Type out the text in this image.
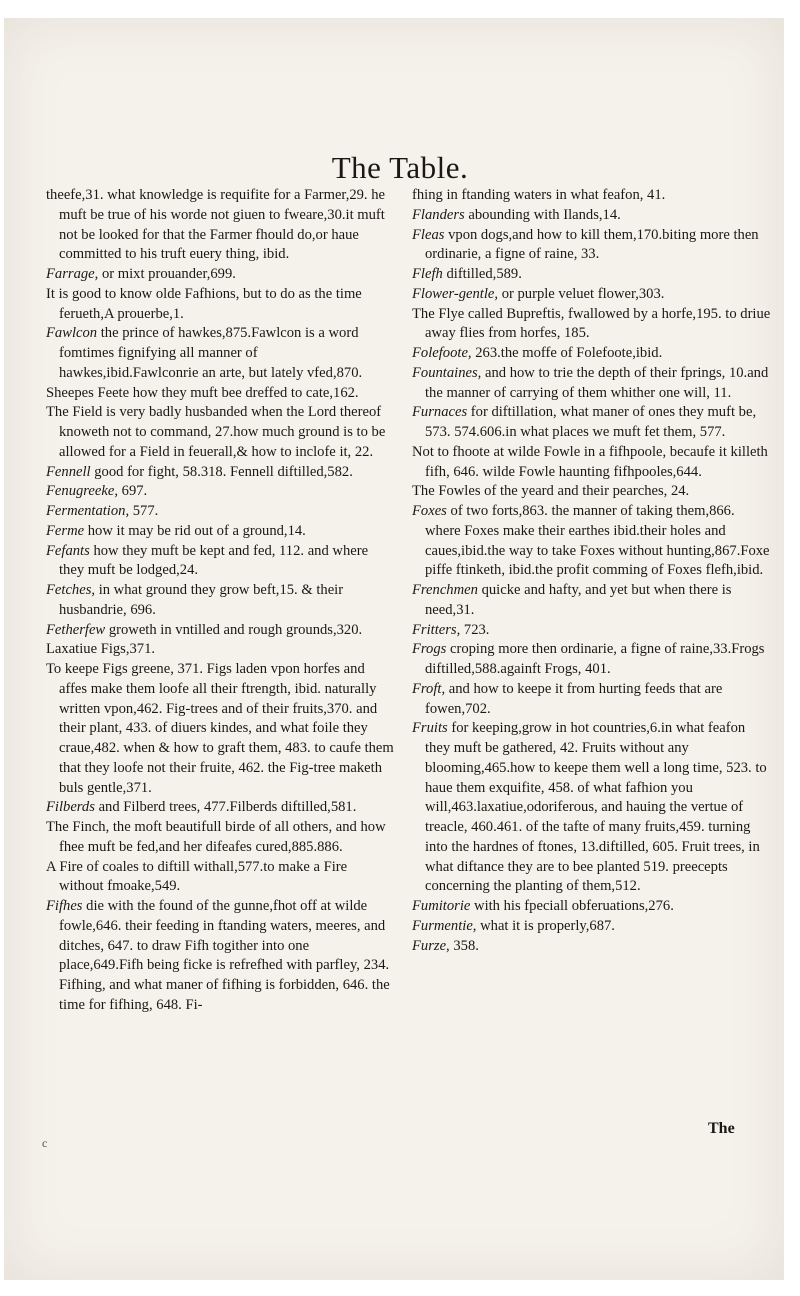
The Table.
theefe,31. what knowledge is requifite for a Farmer,29. he muft be true of his worde not giuen to fweare,30.it muft not be looked for that the Farmer fhould do,or haue committed to his truft euery thing, ibid.
Farrage, or mixt prouander,699.
It is good to know olde Fafhions, but to do as the time ferueth,A prouerbe,1.
Fawlcon the prince of hawkes,875.Fawlcon is a word fomtimes fignifying all manner of hawkes,ibid.Fawlconrie an arte, but lately vfed,870.
Sheepes Feete how they muft bee dreffed to cate,162.
The Field is very badly husbanded when the Lord thereof knoweth not to command, 27.how much ground is to be allowed for a Field in feuerall,& how to inclofe it, 22.
Fennell good for fight, 58.318. Fennell diftilled,582.
Fenugreeke, 697.
Fermentation, 577.
Ferme how it may be rid out of a ground,14.
Fefants how they muft be kept and fed, 112. and where they muft be lodged,24.
Fetches, in what ground they grow beft,15. & their husbandrie, 696.
Fetherfew groweth in vntilled and rough grounds,320.
Laxatiue Figs,371.
To keepe Figs greene, 371. Figs laden vpon horfes and affes make them loofe all their ftrength, ibid. naturally written vpon,462. Fig-trees and of their fruits,370. and their plant, 433. of diuers kindes, and what foile they craue,482. when & how to graft them, 483. to caufe them that they loofe not their fruite, 462. the Fig-tree maketh buls gentle,371.
Filberds and Filberd trees, 477.Filberds diftilled,581.
The Finch, the moft beautifull birde of all others, and how fhee muft be fed,and her difeafes cured,885.886.
A Fire of coales to diftill withall,577.to make a Fire without fmoake,549.
Fifhes die with the found of the gunne,fhot off at wilde fowle,646. their feeding in ftanding waters, meeres, and ditches, 647. to draw Fifh togither into one place,649.Fifh being ficke is refrefhed with parfley, 234. Fifhing, and what maner of fifhing is forbidden, 646. the time for fifhing, 648. Fi-
fhing in ftanding waters in what feafon, 41.
Flanders abounding with Ilands,14.
Fleas vpon dogs,and how to kill them,170.biting more then ordinarie, a figne of raine, 33.
Flefh diftilled,589.
Flower-gentle, or purple veluet flower,303.
The Flye called Bupreftis, fwallowed by a horfe,195. to driue away flies from horfes, 185.
Folefoote, 263.the moffe of Folefoote,ibid.
Fountaines, and how to trie the depth of their fprings, 10.and the manner of carrying of them whither one will, 11.
Furnaces for diftillation, what maner of ones they muft be, 573. 574.606.in what places we muft fet them, 577.
Not to fhoote at wilde Fowle in a fifhpoole, becaufe it killeth fifh, 646. wilde Fowle haunting fifhpooles,644.
The Fowles of the yeard and their pearches, 24.
Foxes of two forts,863. the manner of taking them,866. where Foxes make their earthes ibid.their holes and caues,ibid.the way to take Foxes without hunting,867.Foxe piffe ftinketh, ibid.the profit comming of Foxes flefh,ibid.
Frenchmen quicke and hafty, and yet but when there is need,31.
Fritters, 723.
Frogs croping more then ordinarie, a figne of raine,33.Frogs diftilled,588.againft Frogs, 401.
Froft, and how to keepe it from hurting feeds that are fowen,702.
Fruits for keeping,grow in hot countries,6.in what feafon they muft be gathered, 42. Fruits without any blooming,465.how to keepe them well a long time, 523. to haue them exquifite, 458. of what fafhion you will,463.laxatiue,odoriferous, and hauing the vertue of treacle, 460.461. of the tafte of many fruits,459. turning into the hardnes of ftones, 13.diftilled, 605. Fruit trees, in what diftance they are to bee planted 519. preecepts concerning the planting of them,512.
Fumitorie with his fpeciall obferuations,276.
Furmentie, what it is properly,687.
Furze, 358.
The
c
